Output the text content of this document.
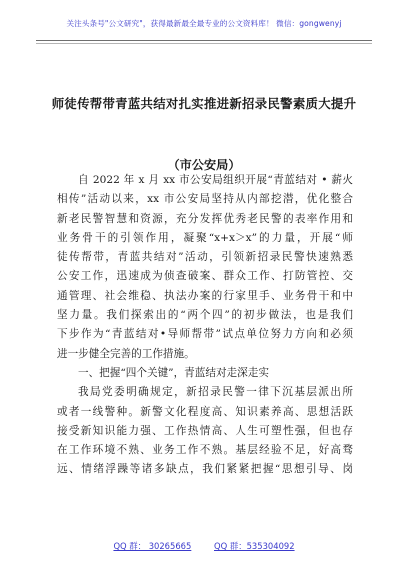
关注头条号"公文研究"，获得最新最全最专业的公文资料库！ 微信：gongwenyj
师徒传帮带青蓝共结对扎实推进新招录民警素质大提升
（市公安局）
自 2022 年 x 月 xx 市公安局组织开展“青蓝结对 • 薪火
相传”活动以来，xx 市公安局坚持从内部挖潜，优化整合
新老民警智慧和资源，充分发挥优秀老民警的表率作用和
业务骨干的引领作用，凝聚“x+x＞x”的力量，开展“师
徒传帮带，青蓝共结对”活动，引领新招录民警快速熟悉
公安工作，迅速成为侦查破案、群众工作、打防管控、交
通管理、社会维稳、执法办案的行家里手、业务骨干和中
坚力量。我们探索出的“两个四”的初步做法，也是我们
下步作为“青蓝结对•导师帮带”试点单位努力方向和必须
进一步健全完善的工作措施。
一、把握“四个关键”，青蓝结对走深走实
我局党委明确规定，新招录民警一律下沉基层派出所
或者一线警种。新警文化程度高、知识素养高、思想活跃
接受新知识能力强、工作热情高、人生可塑性强，但也存
在工作环境不熟、业务工作不熟。基层经验不足，好高骛
远、情绪浮躁等诸多缺点，我们紧紧把握“思想引导、岗
QQ 群： 30265665	QQ 群：535304092
